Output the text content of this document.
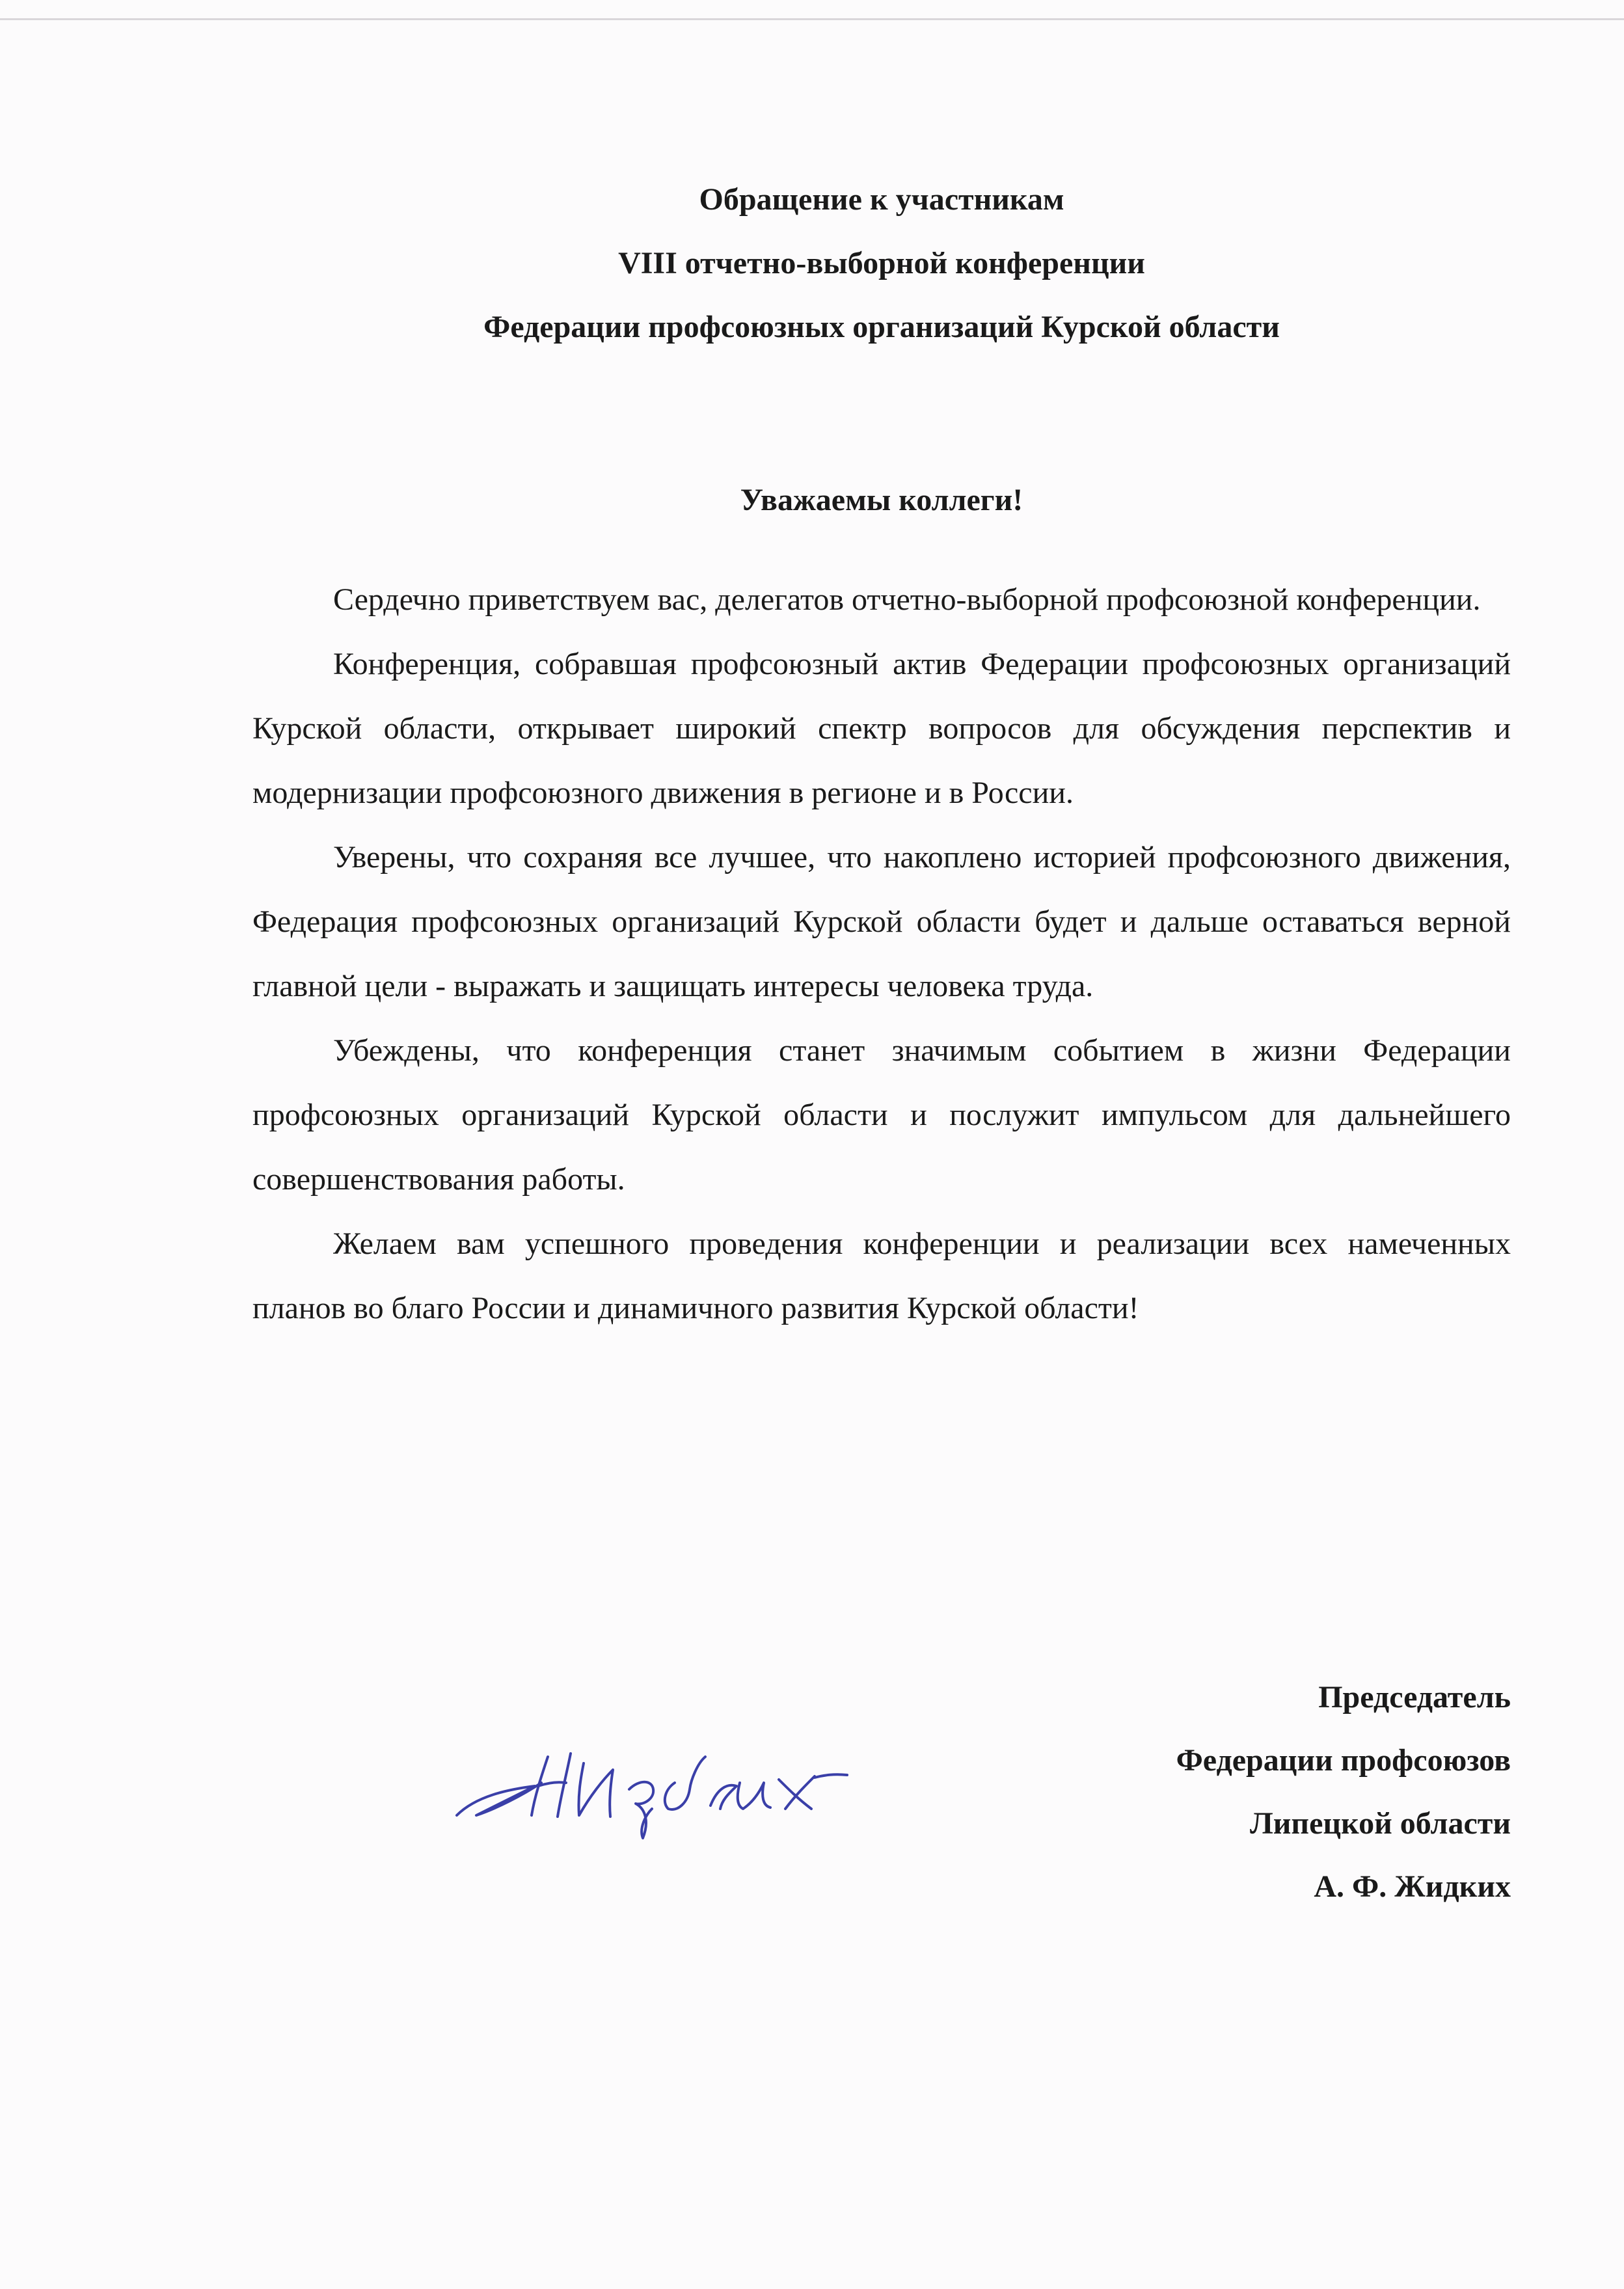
Обращение к участникам
VIII отчетно-выборной конференции
Федерации профсоюзных организаций Курской области
Уважаемы коллеги!

Сердечно приветствуем вас, делегатов отчетно-выборной профсоюзной конференции.

Конференция, собравшая профсоюзный актив Федерации профсоюзных организаций Курской области, открывает широкий спектр вопросов для обсуждения перспектив и модернизации профсоюзного движения в регионе и в России.

Уверены, что сохраняя все лучшее, что накоплено историей профсоюзного движения, Федерация профсоюзных организаций Курской области будет и дальше оставаться верной главной цели - выражать и защищать интересы человека труда.

Убеждены, что конференция станет значимым событием в жизни Федерации профсоюзных организаций Курской области и послужит импульсом для дальнейшего совершенствования работы.

Желаем вам успешного проведения конференции и реализации всех намеченных планов во благо России и динамичного развития Курской области!

Председатель
Федерации профсоюзов
Липецкой области
А. Ф. Жидких
